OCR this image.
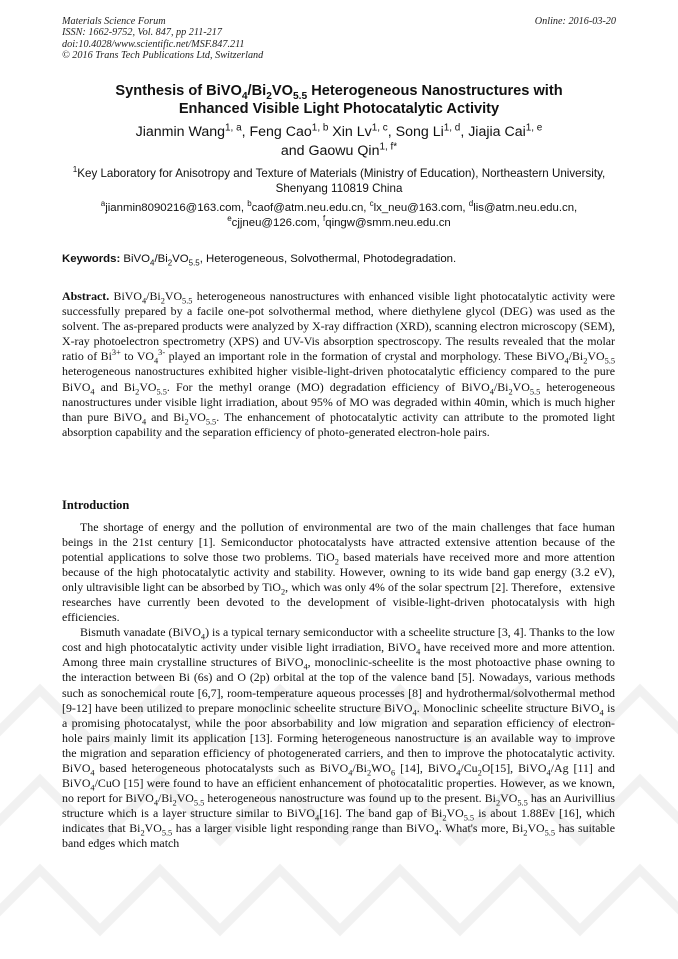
Materials Science Forum
ISSN: 1662-9752, Vol. 847, pp 211-217
doi:10.4028/www.scientific.net/MSF.847.211
© 2016 Trans Tech Publications Ltd, Switzerland
Online: 2016-03-20
Synthesis of $BiVO_4/Bi_2VO_{5.5}$ Heterogeneous Nanostructures with
Enhanced Visible Light Photocatalytic Activity
Jianmin Wang$^{1, a}$, Feng Cao$^{1, b}$ Xin Lv$^{1, c}$, Song Li$^{1, d}$, Jiajia Cai$^{1, e}$
and Gaowu Qin$^{1, f*}$
$^1$Key Laboratory for Anisotropy and Texture of Materials (Ministry of Education), Northeastern University, Shenyang 110819 China
$^a$jianmin8090216@163.com, $^b$caof@atm.neu.edu.cn, $^c$lx_neu@163.com, $^d$lis@atm.neu.edu.cn,
$^e$cjjneu@126.com, $^f$qingw@smm.neu.edu.cn
Keywords: $BiVO_4/Bi_2VO_{5.5}$, Heterogeneous, Solvothermal, Photodegradation.
Abstract. $BiVO_4/Bi_2VO_{5.5}$ heterogeneous nanostructures with enhanced visible light photocatalytic activity were successfully prepared by a facile one-pot solvothermal method, where diethylene glycol (DEG) was used as the solvent. The as-prepared products were analyzed by X-ray diffraction (XRD), scanning electron microscopy (SEM), X-ray photoelectron spectrometry (XPS) and UV-Vis absorption spectroscopy. The results revealed that the molar ratio of $Bi^{3+}$ to $VO_4^{3-}$ played an important role in the formation of crystal and morphology. These $BiVO_4/Bi_2VO_{5.5}$ heterogeneous nanostructures exhibited higher visible-light-driven photocatalytic efficiency compared to the pure BiVO$_4$ and $Bi_2VO_{5.5}$. For the methyl orange (MO) degradation efficiency of $BiVO_4/Bi_2VO_{5.5}$ heterogeneous nanostructures under visible light irradiation, about 95% of MO was degraded within 40min, which is much higher than pure BiVO$_4$ and $Bi_2VO_{5.5}$. The enhancement of photocatalytic activity can attribute to the promoted light absorption capability and the separation efficiency of photo-generated electron-hole pairs.
Introduction

The shortage of energy and the pollution of environmental are two of the main challenges that face human beings in the 21st century [1]. Semiconductor photocatalysts have attracted extensive attention because of the potential applications to solve those two problems. TiO$_2$ based materials have received more and more attention because of the high photocatalytic activity and stability. However, owning to its wide band gap energy (3.2 eV), only ultravisible light can be absorbed by TiO$_2$, which was only 4% of the solar spectrum [2]. Therefore，extensive researches have currently been devoted to the development of visible-light-driven photocatalysis with high efficiencies.

Bismuth vanadate (BiVO$_4$) is a typical ternary semiconductor with a scheelite structure [3, 4]. Thanks to the low cost and high photocatalytic activity under visible light irradiation, BiVO$_4$ have received more and more attention. Among three main crystalline structures of BiVO$_4$, monoclinic-scheelite is the most photoactive phase owning to the interaction between Bi (6s) and O (2p) orbital at the top of the valence band [5]. Nowadays, various methods such as sonochemical route [6,7], room-temperature aqueous processes [8] and hydrothermal/solvothermal method [9-12] have been utilized to prepare monoclinic scheelite structure BiVO$_4$. Monoclinic scheelite structure BiVO$_4$ is a promising photocatalyst, while the poor absorbability and low migration and separation efficiency of electron-hole pairs mainly limit its application [13]. Forming heterogeneous nanostructure is an available way to improve the migration and separation efficiency of photogenerated carriers, and then to improve the photocatalytic activity. BiVO$_4$ based heterogeneous photocatalysts such as $BiVO_4/Bi_2WO_6$ [14], $BiVO_4/Cu_2O[15]$, BiVO$_4$/Ag [11] and BiVO$_4$/CuO [15] were found to have an efficient enhancement of photocatalitic properties. However, as we known, no report for $BiVO_4/Bi_2VO_{5.5}$ heterogeneous nanostructure was found up to the present. $Bi_2VO_{5.5}$ has an Aurivillius structure which is a layer structure similar to BiVO$_4$[16]. The band gap of $Bi_2VO_{5.5}$ is about 1.88Ev [16], which indicates that $Bi_2VO_{5.5}$ has a larger visible light responding range than BiVO$_4$. What's more, $Bi_2VO_{5.5}$ has suitable band edges which match
